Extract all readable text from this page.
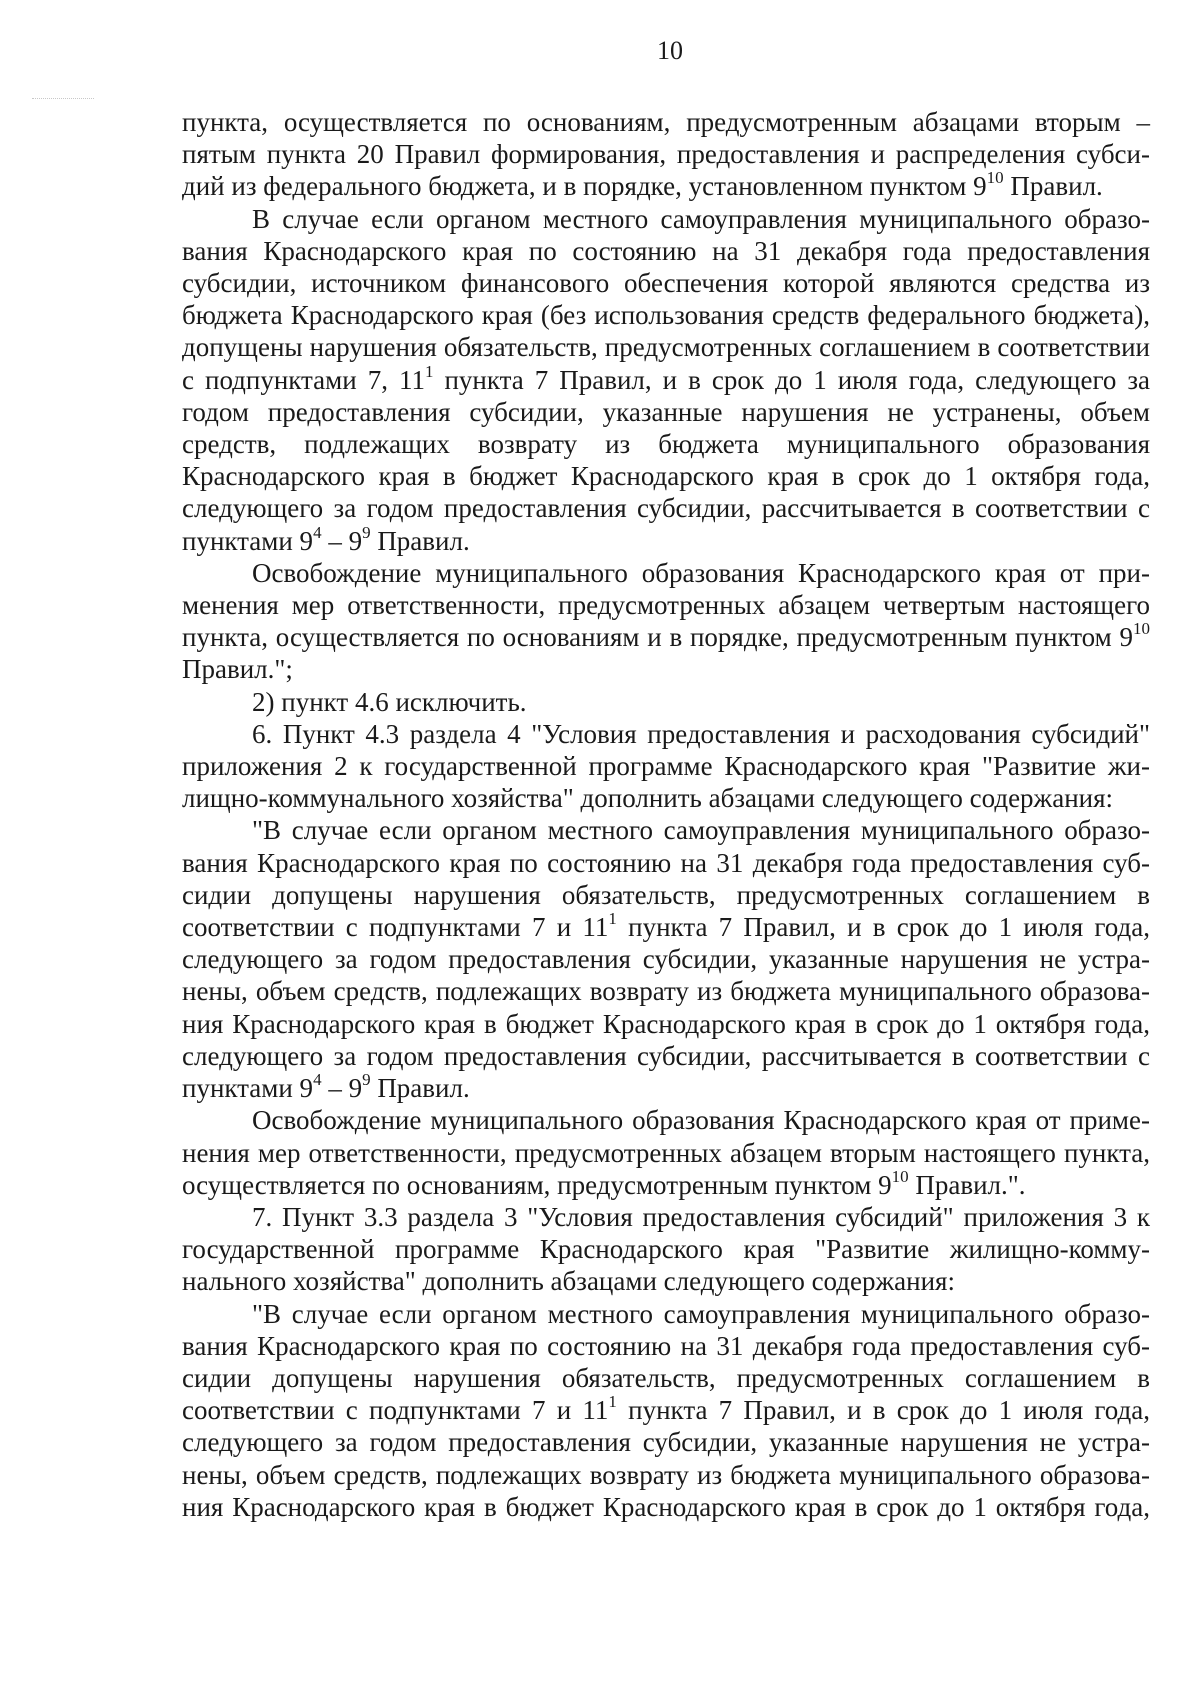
10

пункта, осуществляется по основаниям, предусмотренным абзацами вторым – пятым пункта 20 Правил формирования, предоставления и распределения субсидий из федерального бюджета, и в порядке, установленном пунктом $9^{10}$ Правил.

В случае если органом местного самоуправления муниципального образования Краснодарского края по состоянию на 31 декабря года предоставления субсидии, источником финансового обеспечения которой являются средства из бюджета Краснодарского края (без использования средств федерального бюджета), допущены нарушения обязательств, предусмотренных соглашением в соответствии с подпунктами 7, $11^1$ пункта 7 Правил, и в срок до 1 июля года, следующего за годом предоставления субсидии, указанные нарушения не устранены, объем средств, подлежащих возврату из бюджета муниципального образования Краснодарского края в бюджет Краснодарского края в срок до 1 октября года, следующего за годом предоставления субсидии, рассчитывается в соответствии с пунктами $9^4 - 9^9$ Правил.

Освобождение муниципального образования Краснодарского края от применения мер ответственности, предусмотренных абзацем четвертым настоящего пункта, осуществляется по основаниям и в порядке, предусмотренным пунктом $9^{10}$ Правил.";

2) пункт 4.6 исключить.

6. Пункт 4.3 раздела 4 "Условия предоставления и расходования субсидий" приложения 2 к государственной программе Краснодарского края "Развитие жилищно-коммунального хозяйства" дополнить абзацами следующего содержания:

"В случае если органом местного самоуправления муниципального образования Краснодарского края по состоянию на 31 декабря года предоставления субсидии допущены нарушения обязательств, предусмотренных соглашением в соответствии с подпунктами 7 и $11^1$ пункта 7 Правил, и в срок до 1 июля года, следующего за годом предоставления субсидии, указанные нарушения не устранены, объем средств, подлежащих возврату из бюджета муниципального образования Краснодарского края в бюджет Краснодарского края в срок до 1 октября года, следующего за годом предоставления субсидии, рассчитывается в соответствии с пунктами $9^4 - 9^9$ Правил.

Освобождение муниципального образования Краснодарского края от применения мер ответственности, предусмотренных абзацем вторым настоящего пункта, осуществляется по основаниям, предусмотренным пунктом $9^{10}$ Правил.".

7. Пункт 3.3 раздела 3 "Условия предоставления субсидий" приложения 3 к государственной программе Краснодарского края "Развитие жилищно-коммунального хозяйства" дополнить абзацами следующего содержания:

"В случае если органом местного самоуправления муниципального образования Краснодарского края по состоянию на 31 декабря года предоставления субсидии допущены нарушения обязательств, предусмотренных соглашением в соответствии с подпунктами 7 и $11^1$ пункта 7 Правил, и в срок до 1 июля года, следующего за годом предоставления субсидии, указанные нарушения не устранены, объем средств, подлежащих возврату из бюджета муниципального образования Краснодарского края в бюджет Краснодарского края в срок до 1 октября года,
